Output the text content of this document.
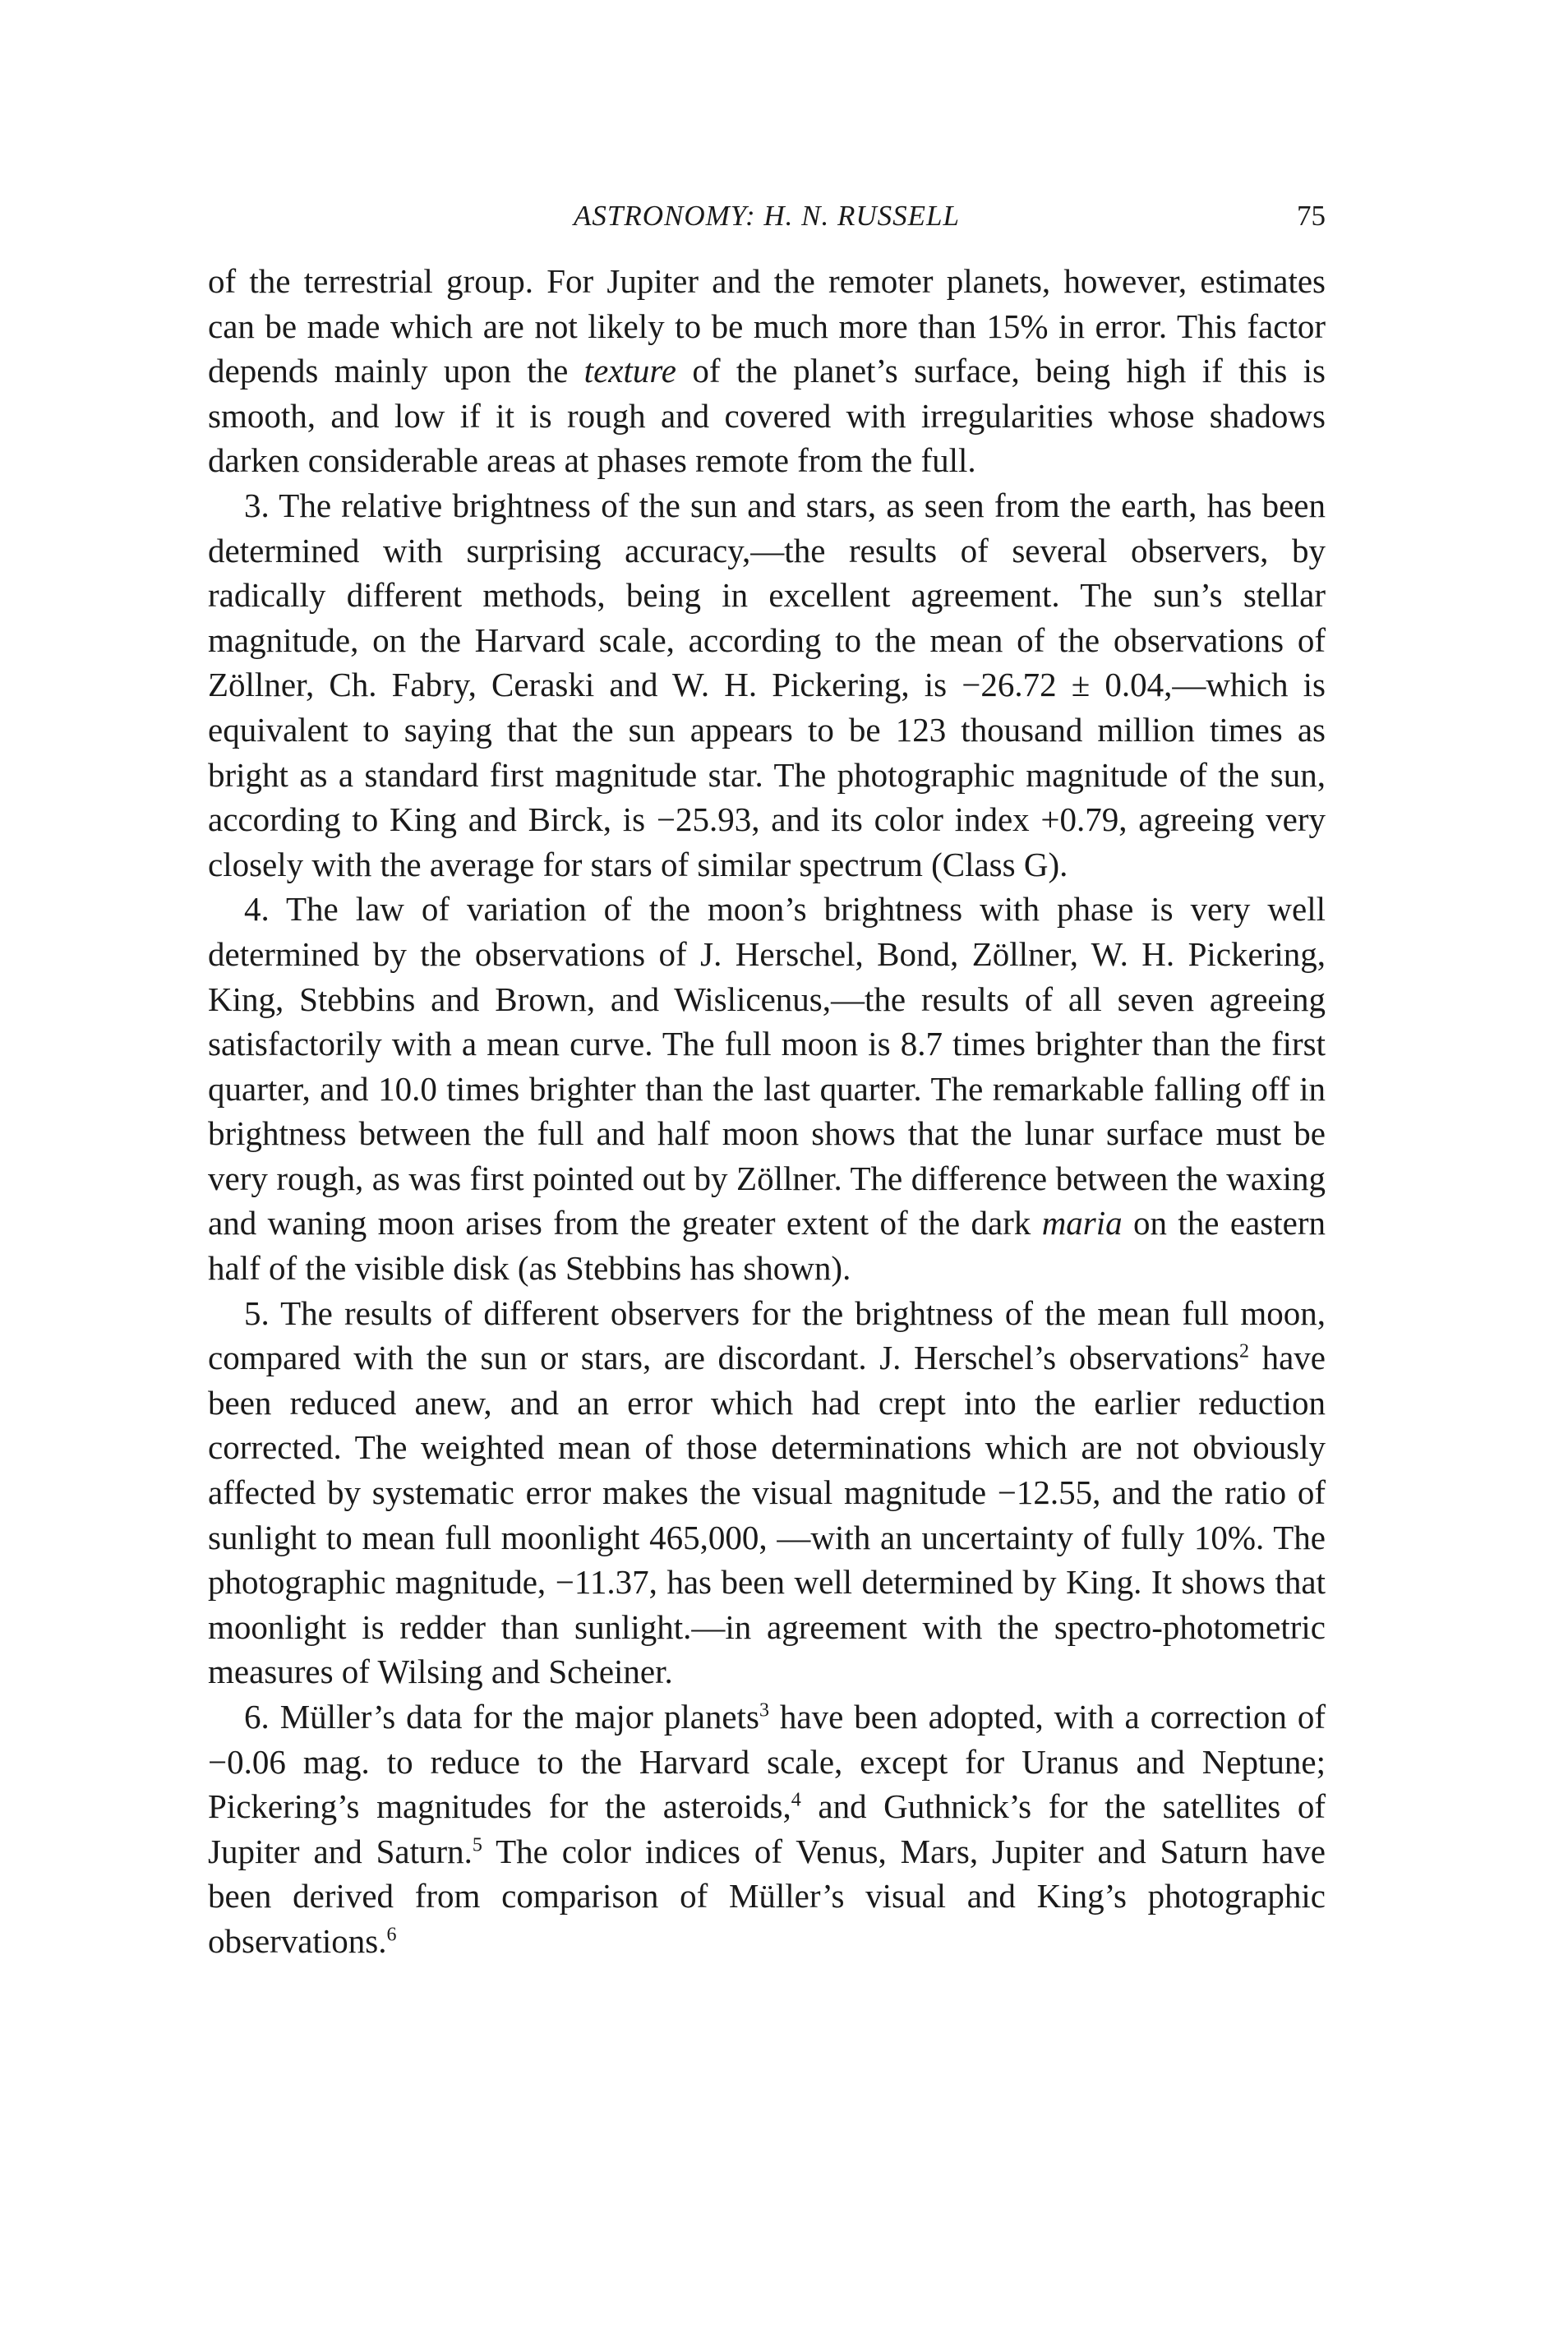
ASTRONOMY: H. N. RUSSELL	75

of the terrestrial group. For Jupiter and the remoter planets, however, estimates can be made which are not likely to be much more than 15% in error. This factor depends mainly upon the texture of the planet’s surface, being high if this is smooth, and low if it is rough and covered with irregularities whose shadows darken considerable areas at phases remote from the full.

3. The relative brightness of the sun and stars, as seen from the earth, has been determined with surprising accuracy,—the results of several observers, by radically different methods, being in excellent agreement. The sun’s stellar magnitude, on the Harvard scale, according to the mean of the observations of Zöllner, Ch. Fabry, Ceraski and W. H. Pickering, is −26.72 ± 0.04,—which is equivalent to saying that the sun appears to be 123 thousand million times as bright as a standard first magnitude star. The photographic magnitude of the sun, according to King and Birck, is −25.93, and its color index +0.79, agreeing very closely with the average for stars of similar spectrum (Class G).

4. The law of variation of the moon’s brightness with phase is very well determined by the observations of J. Herschel, Bond, Zöllner, W. H. Pickering, King, Stebbins and Brown, and Wislicenus,—the results of all seven agreeing satisfactorily with a mean curve. The full moon is 8.7 times brighter than the first quarter, and 10.0 times brighter than the last quarter. The remarkable falling off in brightness between the full and half moon shows that the lunar surface must be very rough, as was first pointed out by Zöllner. The difference between the waxing and waning moon arises from the greater extent of the dark maria on the eastern half of the visible disk (as Stebbins has shown).

5. The results of different observers for the brightness of the mean full moon, compared with the sun or stars, are discordant. J. Herschel’s observations$^2$ have been reduced anew, and an error which had crept into the earlier reduction corrected. The weighted mean of those determinations which are not obviously affected by systematic error makes the visual magnitude −12.55, and the ratio of sunlight to mean full moonlight 465,000, —with an uncertainty of fully 10%. The photographic magnitude, −11.37, has been well determined by King. It shows that moonlight is redder than sunlight.—in agreement with the spectro-photometric measures of Wilsing and Scheiner.

6. Müller’s data for the major planets$^3$ have been adopted, with a correction of −0.06 mag. to reduce to the Harvard scale, except for Uranus and Neptune; Pickering’s magnitudes for the asteroids,$^4$ and Guthnick’s for the satellites of Jupiter and Saturn.$^5$ The color indices of Venus, Mars, Jupiter and Saturn have been derived from comparison of Müller’s visual and King’s photographic observations.$^6$
